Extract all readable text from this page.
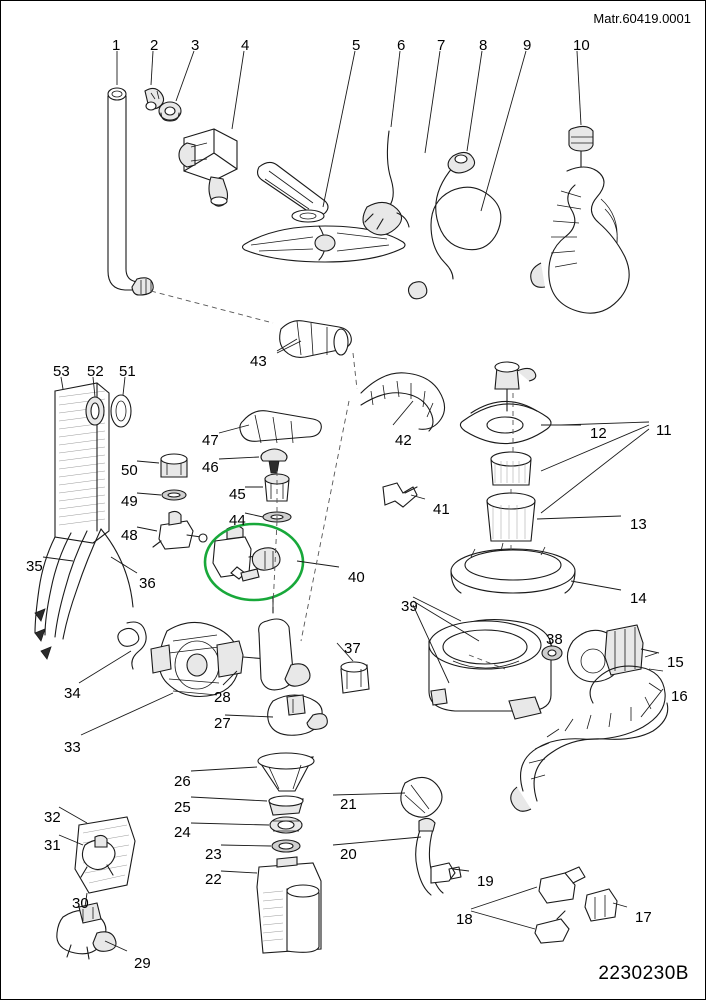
Matr.60419.0001
2230230B
1 2 3	4	5 6 7 8 9	10
43
53 52 51
42
11
12
47
46
50
49	45
44
48
13
41
35
36	40
14
39
38
37
15
34	28	16
27
33
26
25	21
24
23	20
22
32
31
19
30
18	17
29
